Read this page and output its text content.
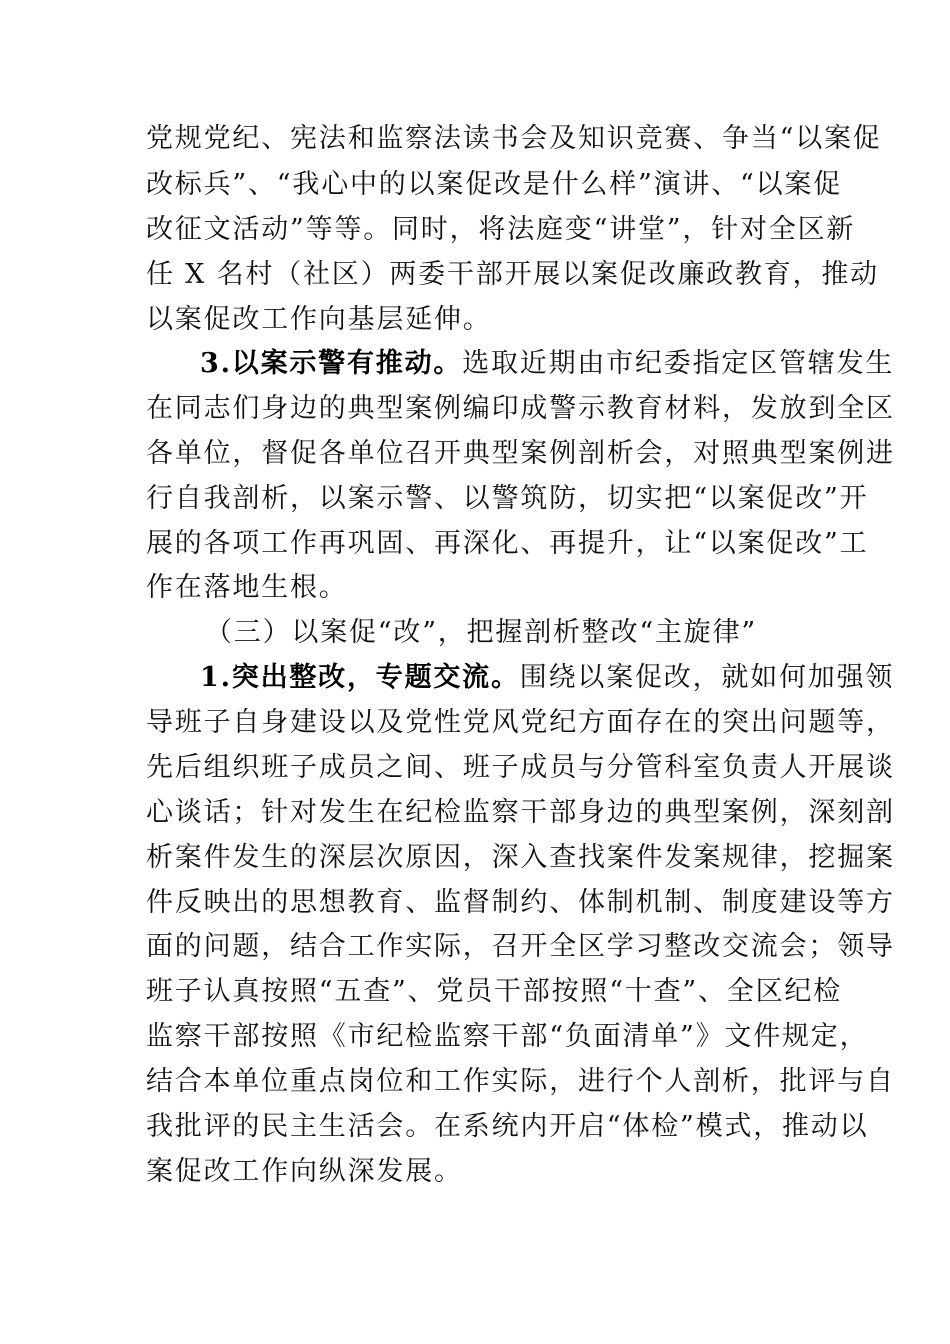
党规党纪、宪法和监察法读书会及知识竞赛、争当“以案促
改标兵”、“我心中的以案促改是什么样”演讲、“以案促
改征文活动”等等。同时，将法庭变“讲堂”，针对全区新
任 X 名村（社区）两委干部开展以案促改廉政教育，推动
以案促改工作向基层延伸。
3.以案示警有推动。选取近期由市纪委指定区管辖发生
在同志们身边的典型案例编印成警示教育材料，发放到全区
各单位，督促各单位召开典型案例剖析会，对照典型案例进
行自我剖析，以案示警、以警筑防，切实把“以案促改”开
展的各项工作再巩固、再深化、再提升，让“以案促改”工
作在落地生根。
（三）以案促“改”，把握剖析整改“主旋律”
1.突出整改，专题交流。围绕以案促改，就如何加强领
导班子自身建设以及党性党风党纪方面存在的突出问题等，
先后组织班子成员之间、班子成员与分管科室负责人开展谈
心谈话；针对发生在纪检监察干部身边的典型案例，深刻剖
析案件发生的深层次原因，深入查找案件发案规律，挖掘案
件反映出的思想教育、监督制约、体制机制、制度建设等方
面的问题，结合工作实际，召开全区学习整改交流会；领导
班子认真按照“五查”、党员干部按照“十查”、全区纪检
监察干部按照《市纪检监察干部“负面清单”》文件规定，
结合本单位重点岗位和工作实际，进行个人剖析，批评与自
我批评的民主生活会。在系统内开启“体检”模式，推动以
案促改工作向纵深发展。
